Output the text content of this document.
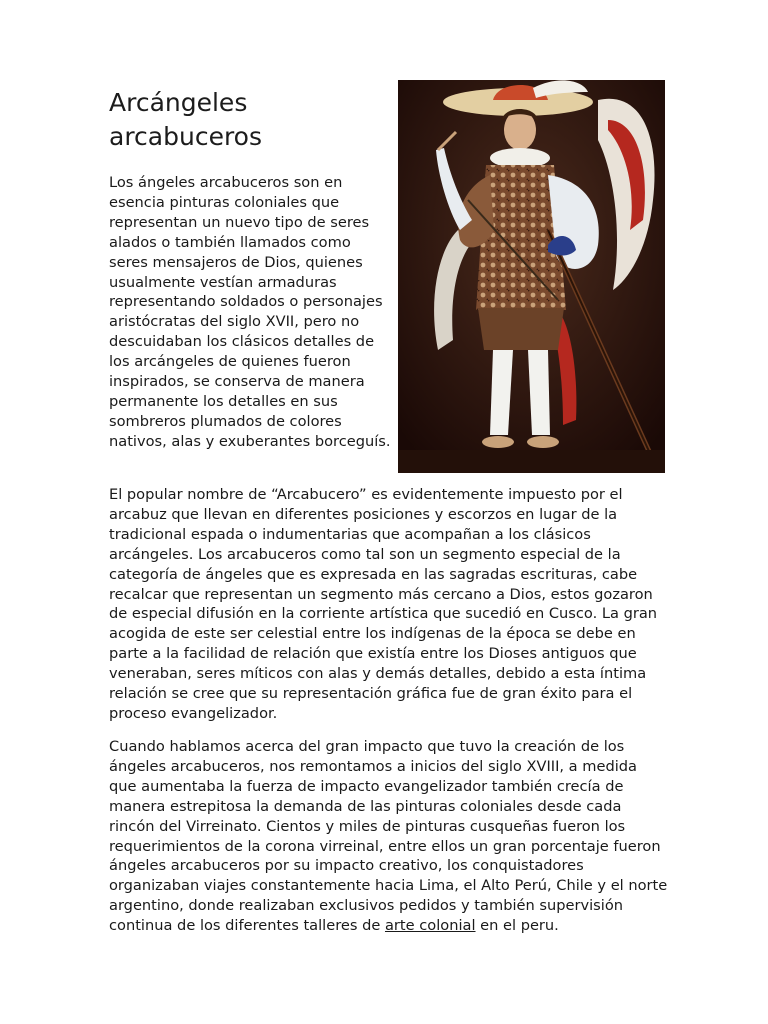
Arcángeles
arcabuceros

Los ángeles arcabuceros son en esencia pinturas coloniales que representan un nuevo tipo de seres alados o también llamados como seres mensajeros de Dios, quienes usualmente vestían armaduras representando soldados o personajes aristócratas del siglo XVII, pero no descuidaban los clásicos detalles de los arcángeles de quienes fueron inspirados, se conserva de manera permanente los detalles en sus sombreros plumados de colores nativos, alas y exuberantes borceguís.

El popular nombre de “Arcabucero” es evidentemente impuesto por el arcabuz que llevan en diferentes posiciones y escorzos en lugar de la tradicional espada o indumentarias que acompañan a los clásicos arcángeles. Los arcabuceros como tal son un segmento especial de la categoría de ángeles que es expresada en las sagradas escrituras, cabe recalcar que representan un segmento más cercano a Dios, estos gozaron de especial difusión en la corriente artística que sucedió en Cusco. La gran acogida de este ser celestial entre los indígenas de la época se debe en parte a la facilidad de relación que existía entre los Dioses antiguos que veneraban, seres míticos con alas y demás detalles, debido a esta íntima relación se cree que su representación gráfica fue de gran éxito para el proceso evangelizador.

Cuando hablamos acerca del gran impacto que tuvo la creación de los ángeles arcabuceros, nos remontamos a inicios del siglo XVIII, a medida que aumentaba la fuerza de impacto evangelizador también crecía de manera estrepitosa la demanda de las pinturas coloniales desde cada rincón del Virreinato. Cientos y miles de pinturas cusqueñas fueron los requerimientos de la corona virreinal, entre ellos un gran porcentaje fueron ángeles arcabuceros por su impacto creativo, los conquistadores organizaban viajes constantemente hacia Lima, el Alto Perú, Chile y el norte argentino, donde realizaban exclusivos pedidos y también supervisión continua de los diferentes talleres de arte colonial en el peru.
